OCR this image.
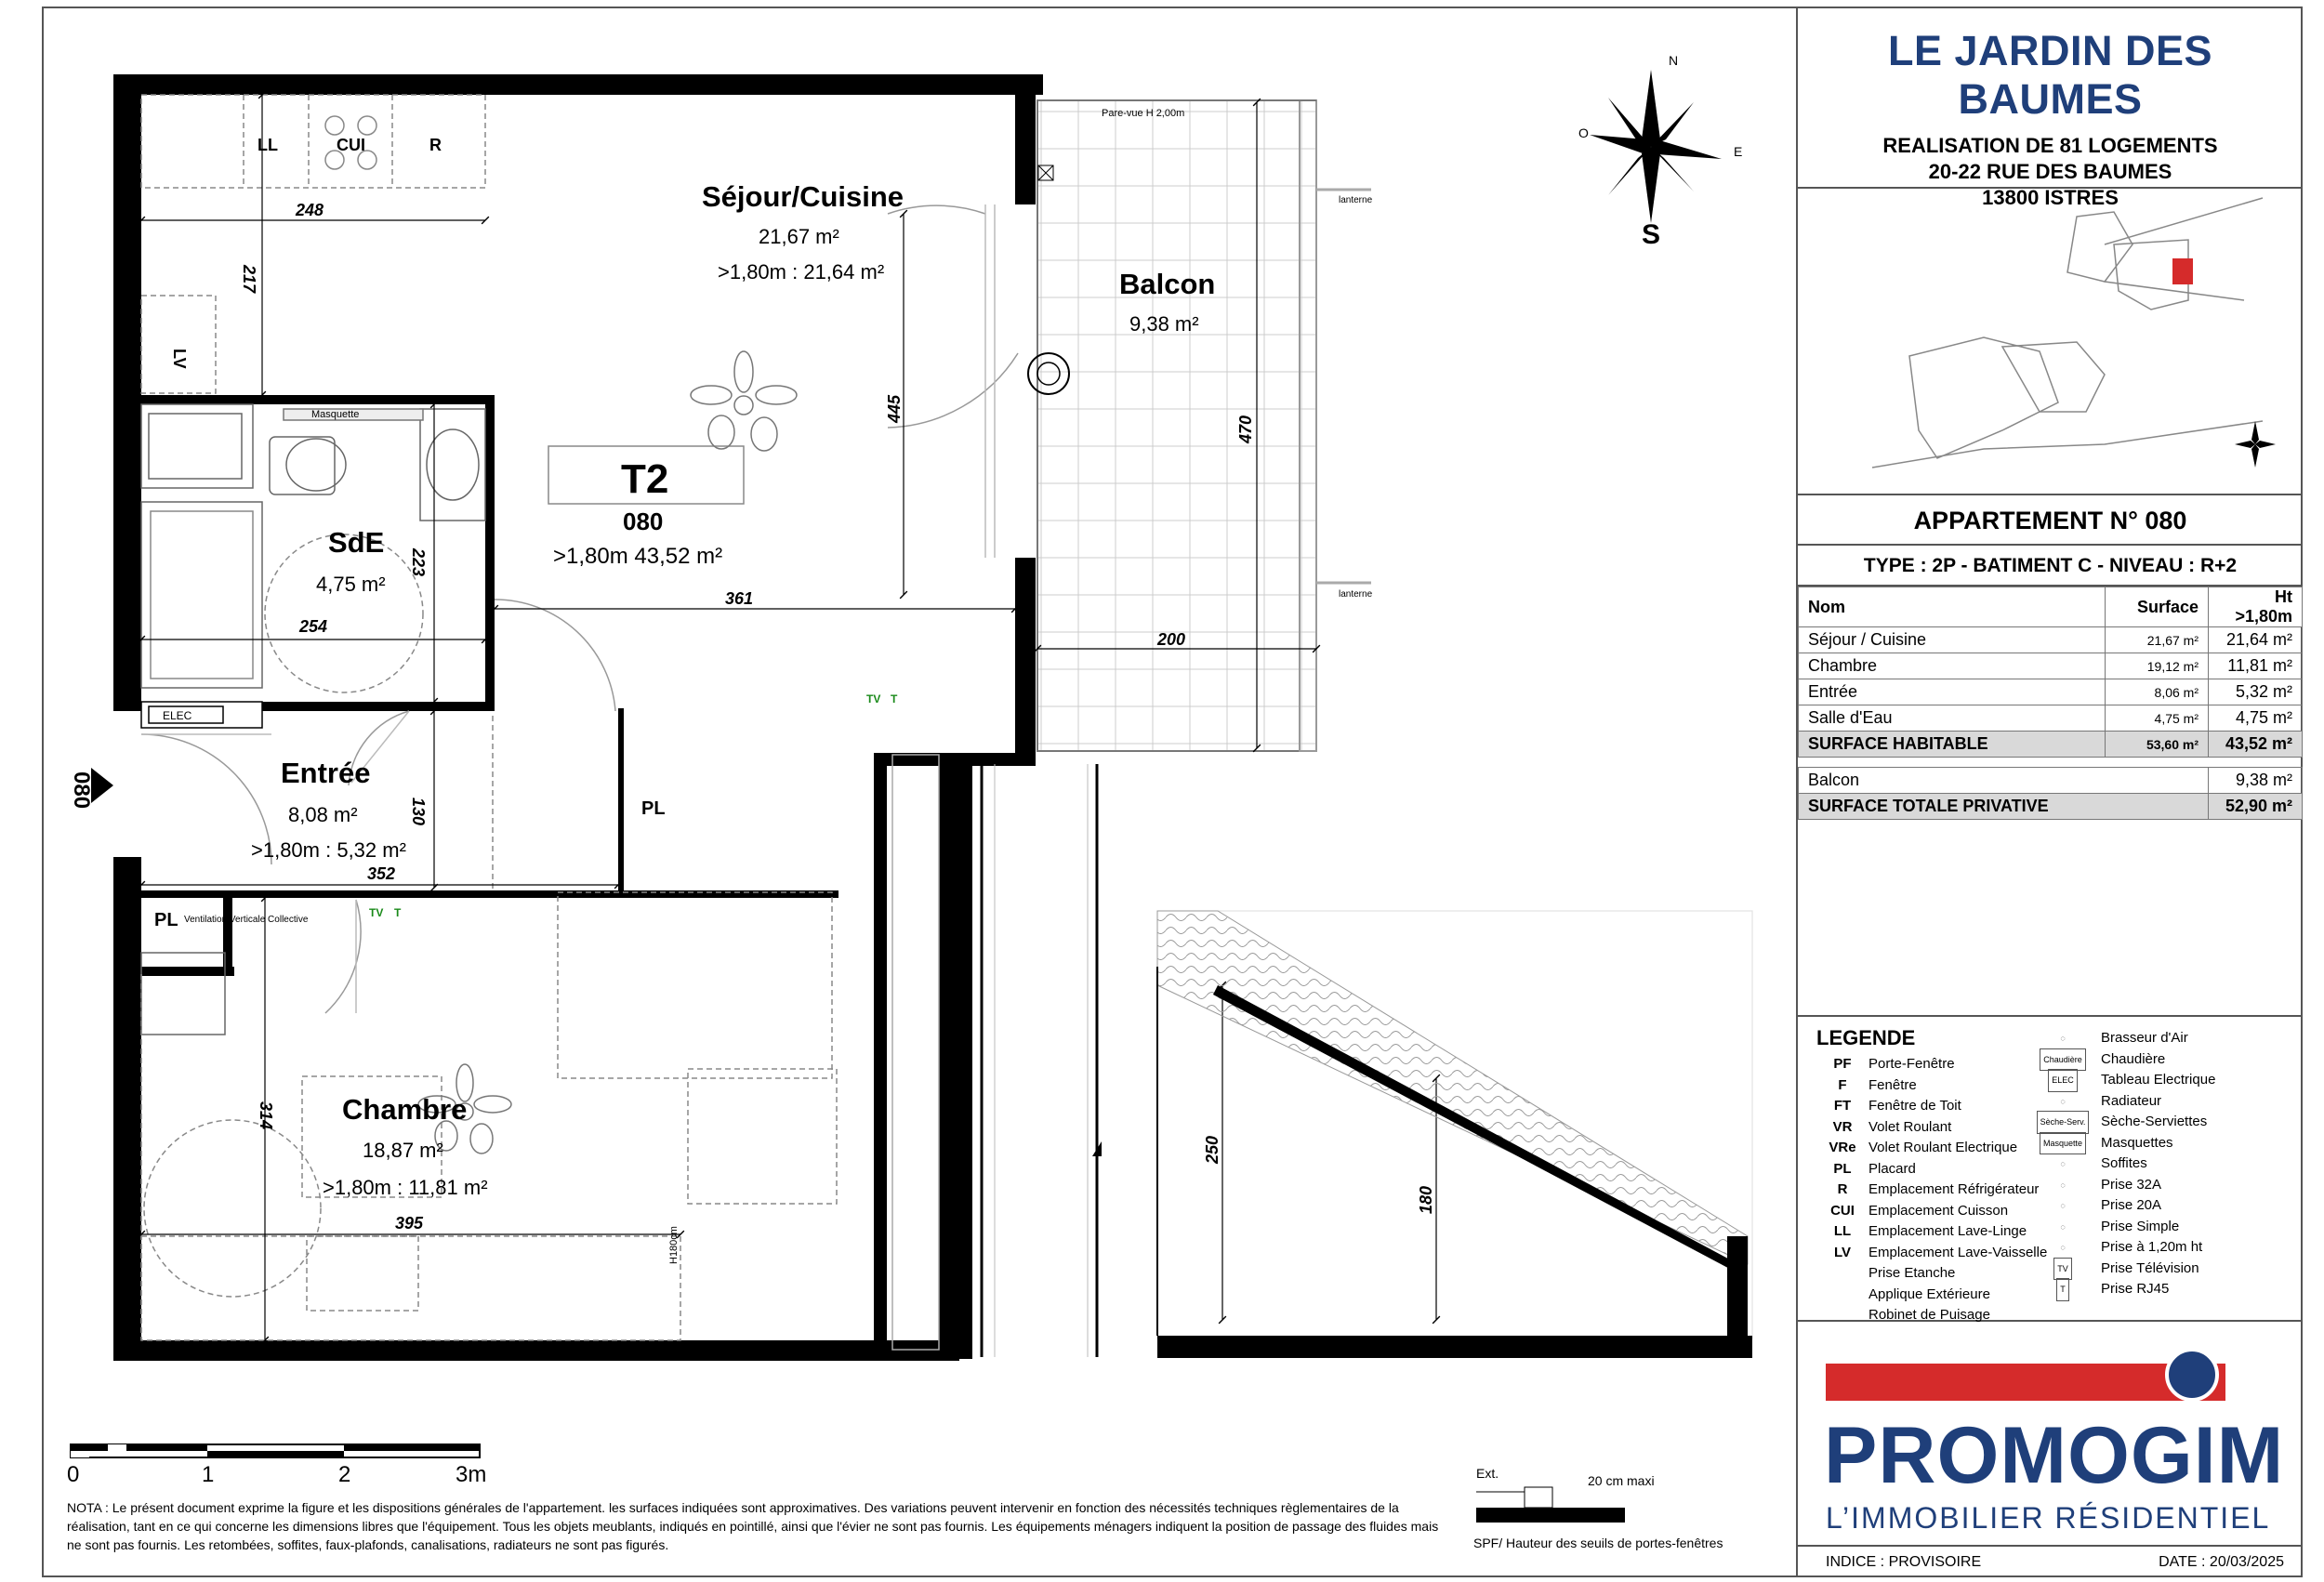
Pare-vue H 2,00m
lanterne
lanterne
Masquette
ELEC
248
217
445
470
223
254
361
200
130
352
314
395
250
180
Séjour/Cuisine
21,67 m²
>1,80m : 21,64 m²	Balcon
9,38 m²
T2
080
>1,80m 43,52 m²
SdE
4,75 m²
Entrée
8,08 m²
>1,80m : 5,32 m²
Chambre
18,87 m²
>1,80m : 11,81 m²
LL	CUI	R
LV
PL
PL Ventilation Verticale Collective
H180cm
TV T
TV T
080
0	1	2	3m	Ext.	20 cm maxi
N
O
E
S
LE JARDIN DES BAUMES
REALISATION DE 81 LOGEMENTS
20-22 RUE DES BAUMES
13800 ISTRES
APPARTEMENT N° 080
TYPE : 2P - BATIMENT C - NIVEAU : R+2
Nom	Surface	Ht >1,80m
Séjour / Cuisine	21,67 m²	21,64 m²
Chambre	19,12 m²	11,81 m²
Entrée	8,06 m²	5,32 m²
Salle d'Eau	4,75 m²	4,75 m²
SURFACE HABITABLE	53,60 m²	43,52 m²

Balcon		9,38 m²
SURFACE TOTALE PRIVATIVE		52,90 m²
LEGENDE
PF	Porte-Fenêtre
F	Fenêtre
FT	Fenêtre de Toit
VR	Volet Roulant
VRe Volet Roulant Electrique
PL	Placard
R	Emplacement Réfrigérateur
CUI	Emplacement Cuisson
LL	Emplacement Lave-Linge
LV	Emplacement Lave-Vaisselle
Prise Etanche
Applique Extérieure
Robinet de Puisage
◌	Brasseur d'Air
Chaudière Chaudière
ELEC Tableau Electrique
◌	Radiateur
Sèche-Serv. Sèche-Serviettes
Masquette Masquettes
◌	Soffites
◌	Prise 32A
◌	Prise 20A
◌	Prise Simple
◌	Prise à 1,20m ht
TV Prise Télévision
T	Prise RJ45
PROMOGIM
L’IMMOBILIER RÉSIDENTIEL
INDICE : PROVISOIRE	DATE : 20/03/2025
NOTA : Le présent document exprime la figure et les dispositions générales de l'appartement. les surfaces indiquées sont approximatives. Des variations peuvent intervenir en fonction des nécessités techniques règlementaires de la réalisation, tant en ce qui concerne les dimensions libres que l'équipement. Tous les objets meublants, indiqués en pointillé, ainsi que l'évier ne sont pas fournis. Les équipements ménagers indiquent la position de passage des fluides mais ne sont pas fournis. Les retombées, soffites, faux-plafonds, canalisations, radiateurs ne sont pas figurés.	SPF/ Hauteur des seuils de portes-fenêtres
